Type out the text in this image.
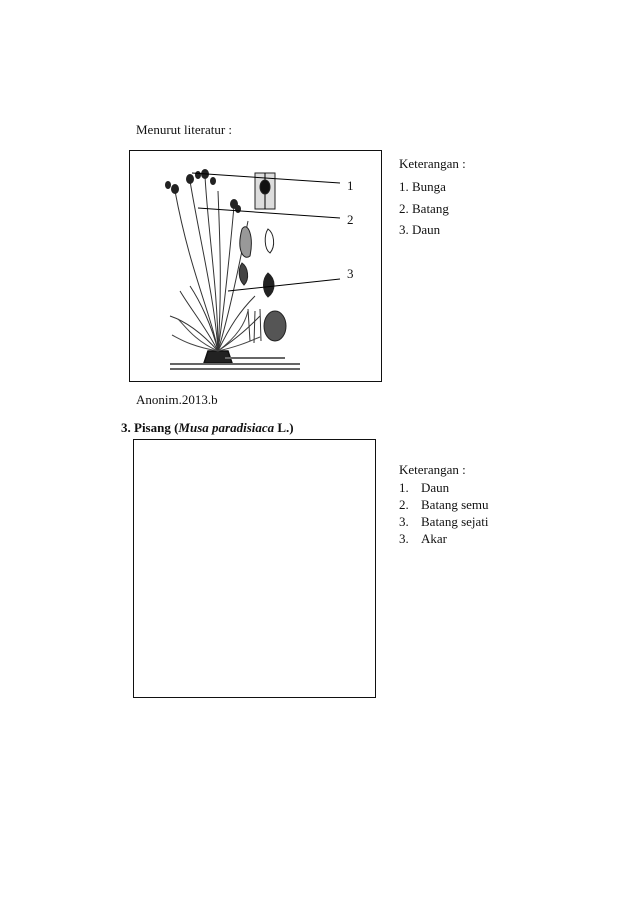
Menurut literatur :
1
2
3
Keterangan :
1. Bunga
2. Batang
3. Daun
Anonim.2013.b
3. Pisang (Musa paradisiaca L.)
Keterangan :
1. Daun
2. Batang semu
3. Batang sejati
3. Akar
